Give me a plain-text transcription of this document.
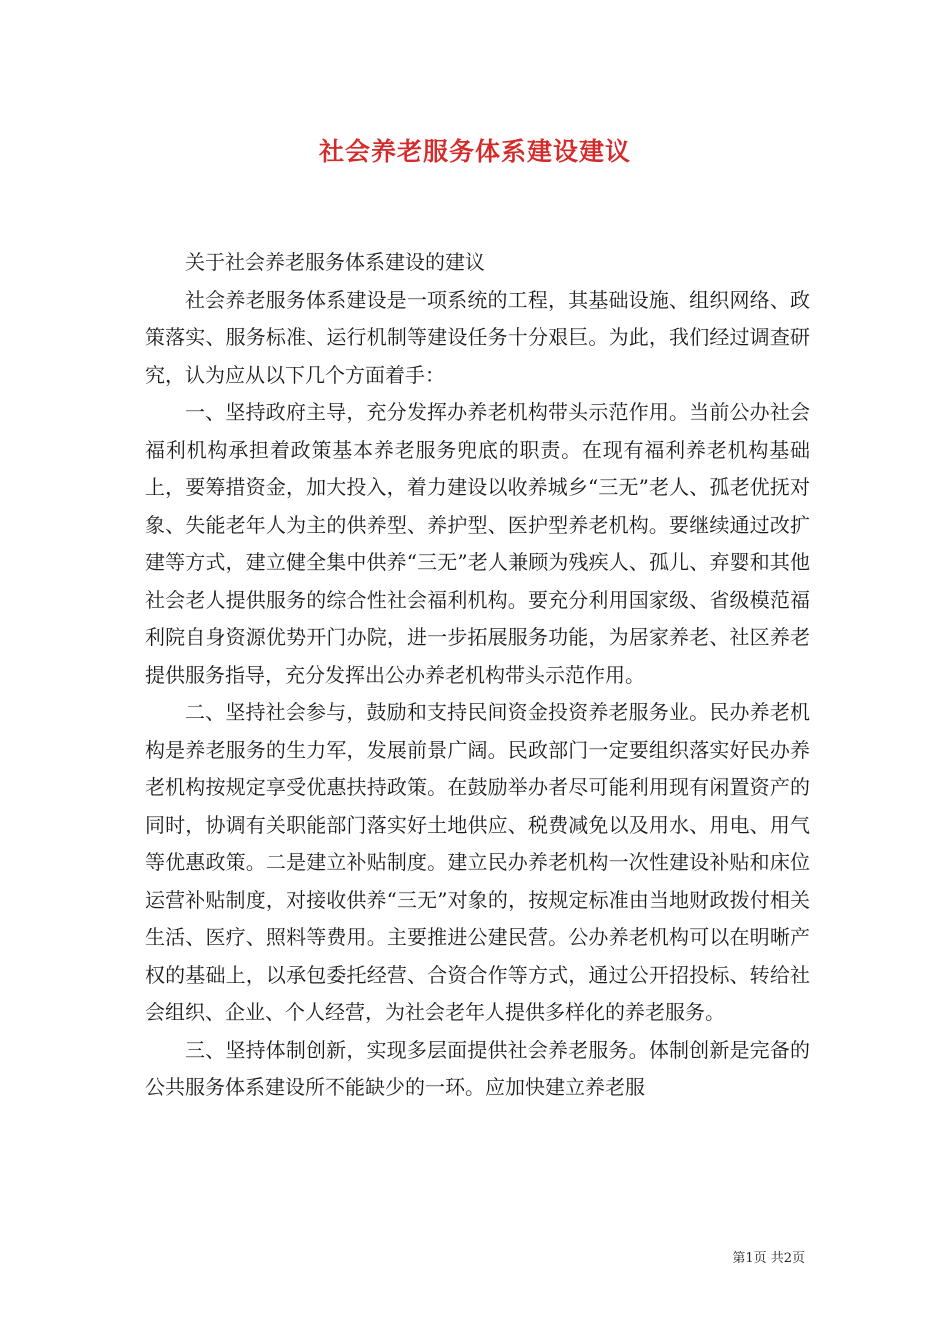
社会养老服务体系建设建议

关于社会养老服务体系建设的建议

社会养老服务体系建设是一项系统的工程，其基础设施、组织网络、政策落实、服务标准、运行机制等建设任务十分艰巨。为此，我们经过调查研究，认为应从以下几个方面着手：

一、坚持政府主导，充分发挥办养老机构带头示范作用。当前公办社会福利机构承担着政策基本养老服务兜底的职责。在现有福利养老机构基础上，要筹措资金，加大投入，着力建设以收养城乡“三无”老人、孤老优抚对象、失能老年人为主的供养型、养护型、医护型养老机构。要继续通过改扩建等方式，建立健全集中供养“三无”老人兼顾为残疾人、孤儿、弃婴和其他社会老人提供服务的综合性社会福利机构。要充分利用国家级、省级模范福利院自身资源优势开门办院，进一步拓展服务功能，为居家养老、社区养老提供服务指导，充分发挥出公办养老机构带头示范作用。

二、坚持社会参与，鼓励和支持民间资金投资养老服务业。民办养老机构是养老服务的生力军，发展前景广阔。民政部门一定要组织落实好民办养老机构按规定享受优惠扶持政策。在鼓励举办者尽可能利用现有闲置资产的同时，协调有关职能部门落实好土地供应、税费减免以及用水、用电、用气等优惠政策。二是建立补贴制度。建立民办养老机构一次性建设补贴和床位运营补贴制度，对接收供养“三无”对象的，按规定标准由当地财政拨付相关生活、医疗、照料等费用。主要推进公建民营。公办养老机构可以在明晰产权的基础上，以承包委托经营、合资合作等方式，通过公开招投标、转给社会组织、企业、个人经营，为社会老年人提供多样化的养老服务。

三、坚持体制创新，实现多层面提供社会养老服务。体制创新是完备的公共服务体系建设所不能缺少的一环。应加快建立养老服

第1页 共2页
